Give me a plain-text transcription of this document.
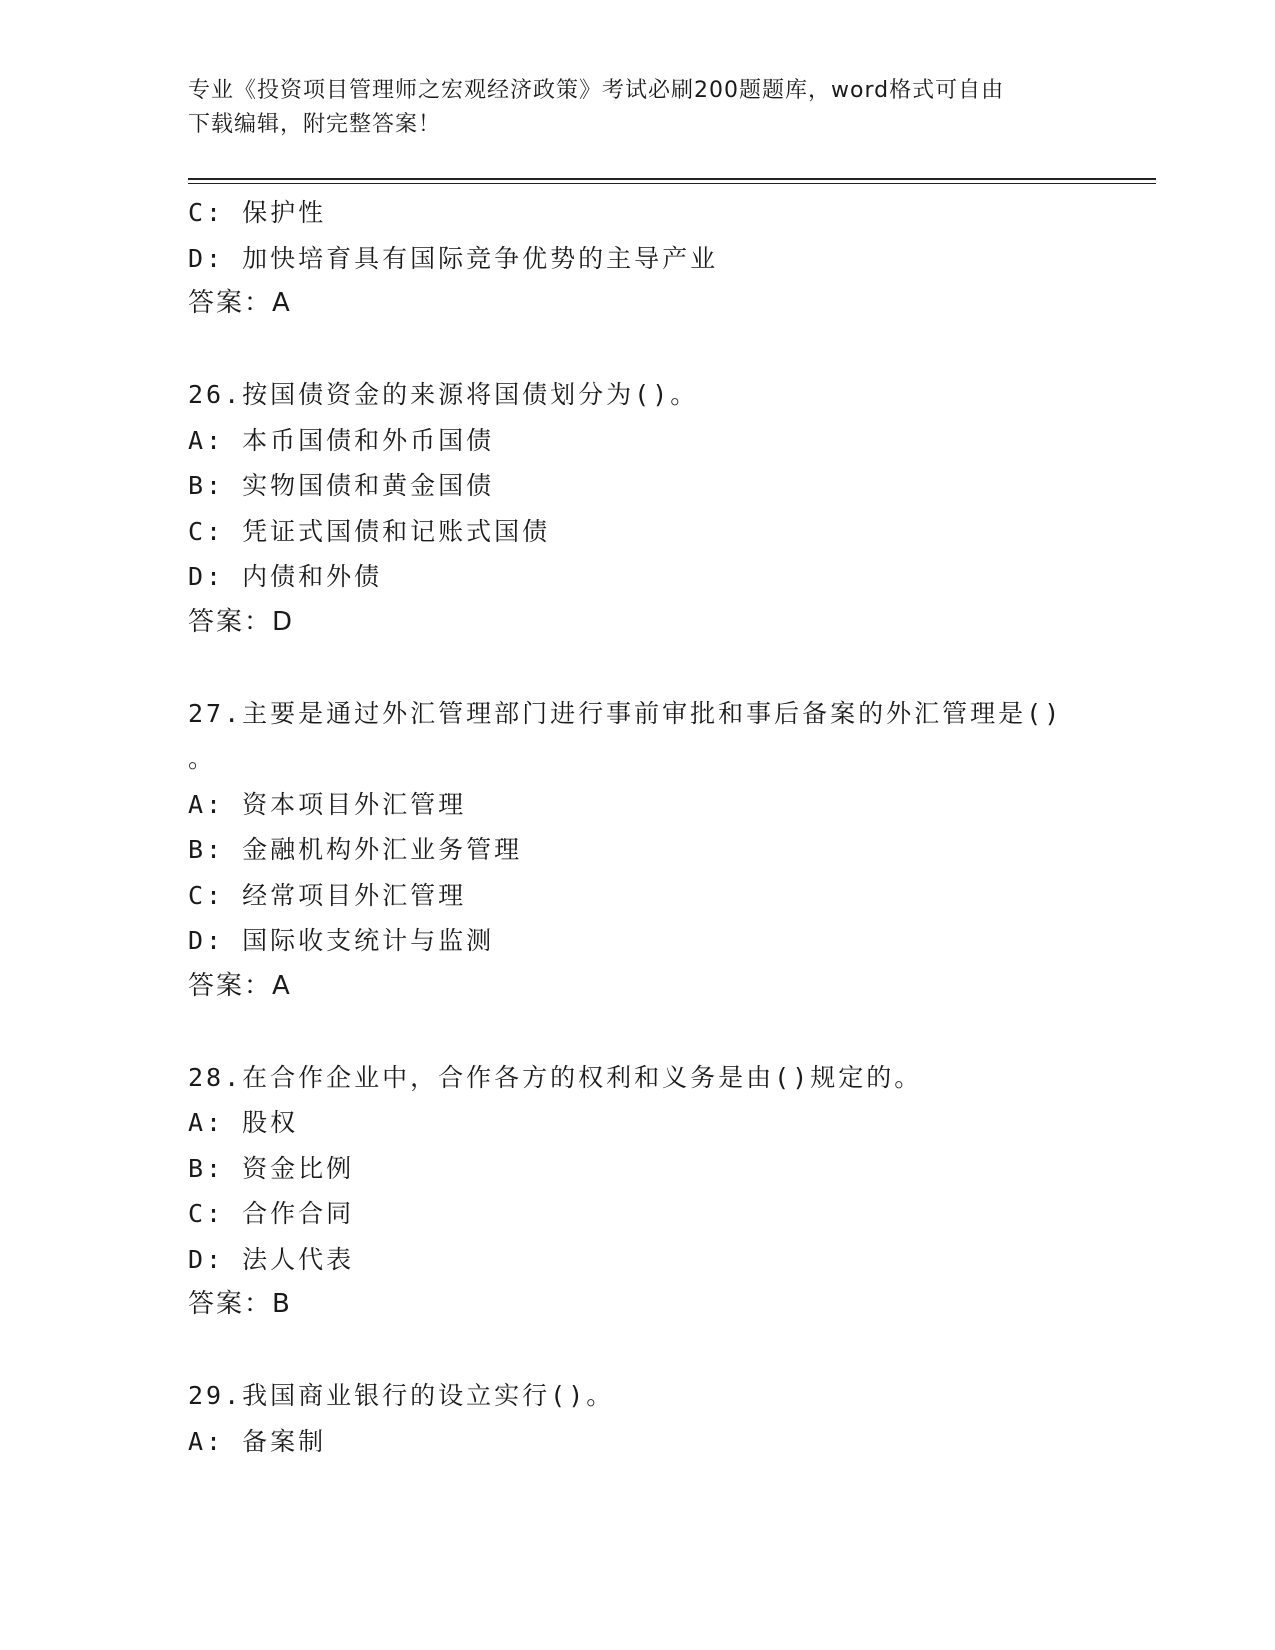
专业《投资项目管理师之宏观经济政策》考试必刷200题题库，word格式可自由
下载编辑，附完整答案！
C: 保护性
D: 加快培育具有国际竞争优势的主导产业
答案：A
26.按国债资金的来源将国债划分为()。
A: 本币国债和外币国债
B: 实物国债和黄金国债
C: 凭证式国债和记账式国债
D: 内债和外债
答案：D
27.主要是通过外汇管理部门进行事前审批和事后备案的外汇管理是()
。
A: 资本项目外汇管理
B: 金融机构外汇业务管理
C: 经常项目外汇管理
D: 国际收支统计与监测
答案：A
28.在合作企业中，合作各方的权利和义务是由()规定的。
A: 股权
B: 资金比例
C: 合作合同
D: 法人代表
答案：B
29.我国商业银行的设立实行()。
A: 备案制
